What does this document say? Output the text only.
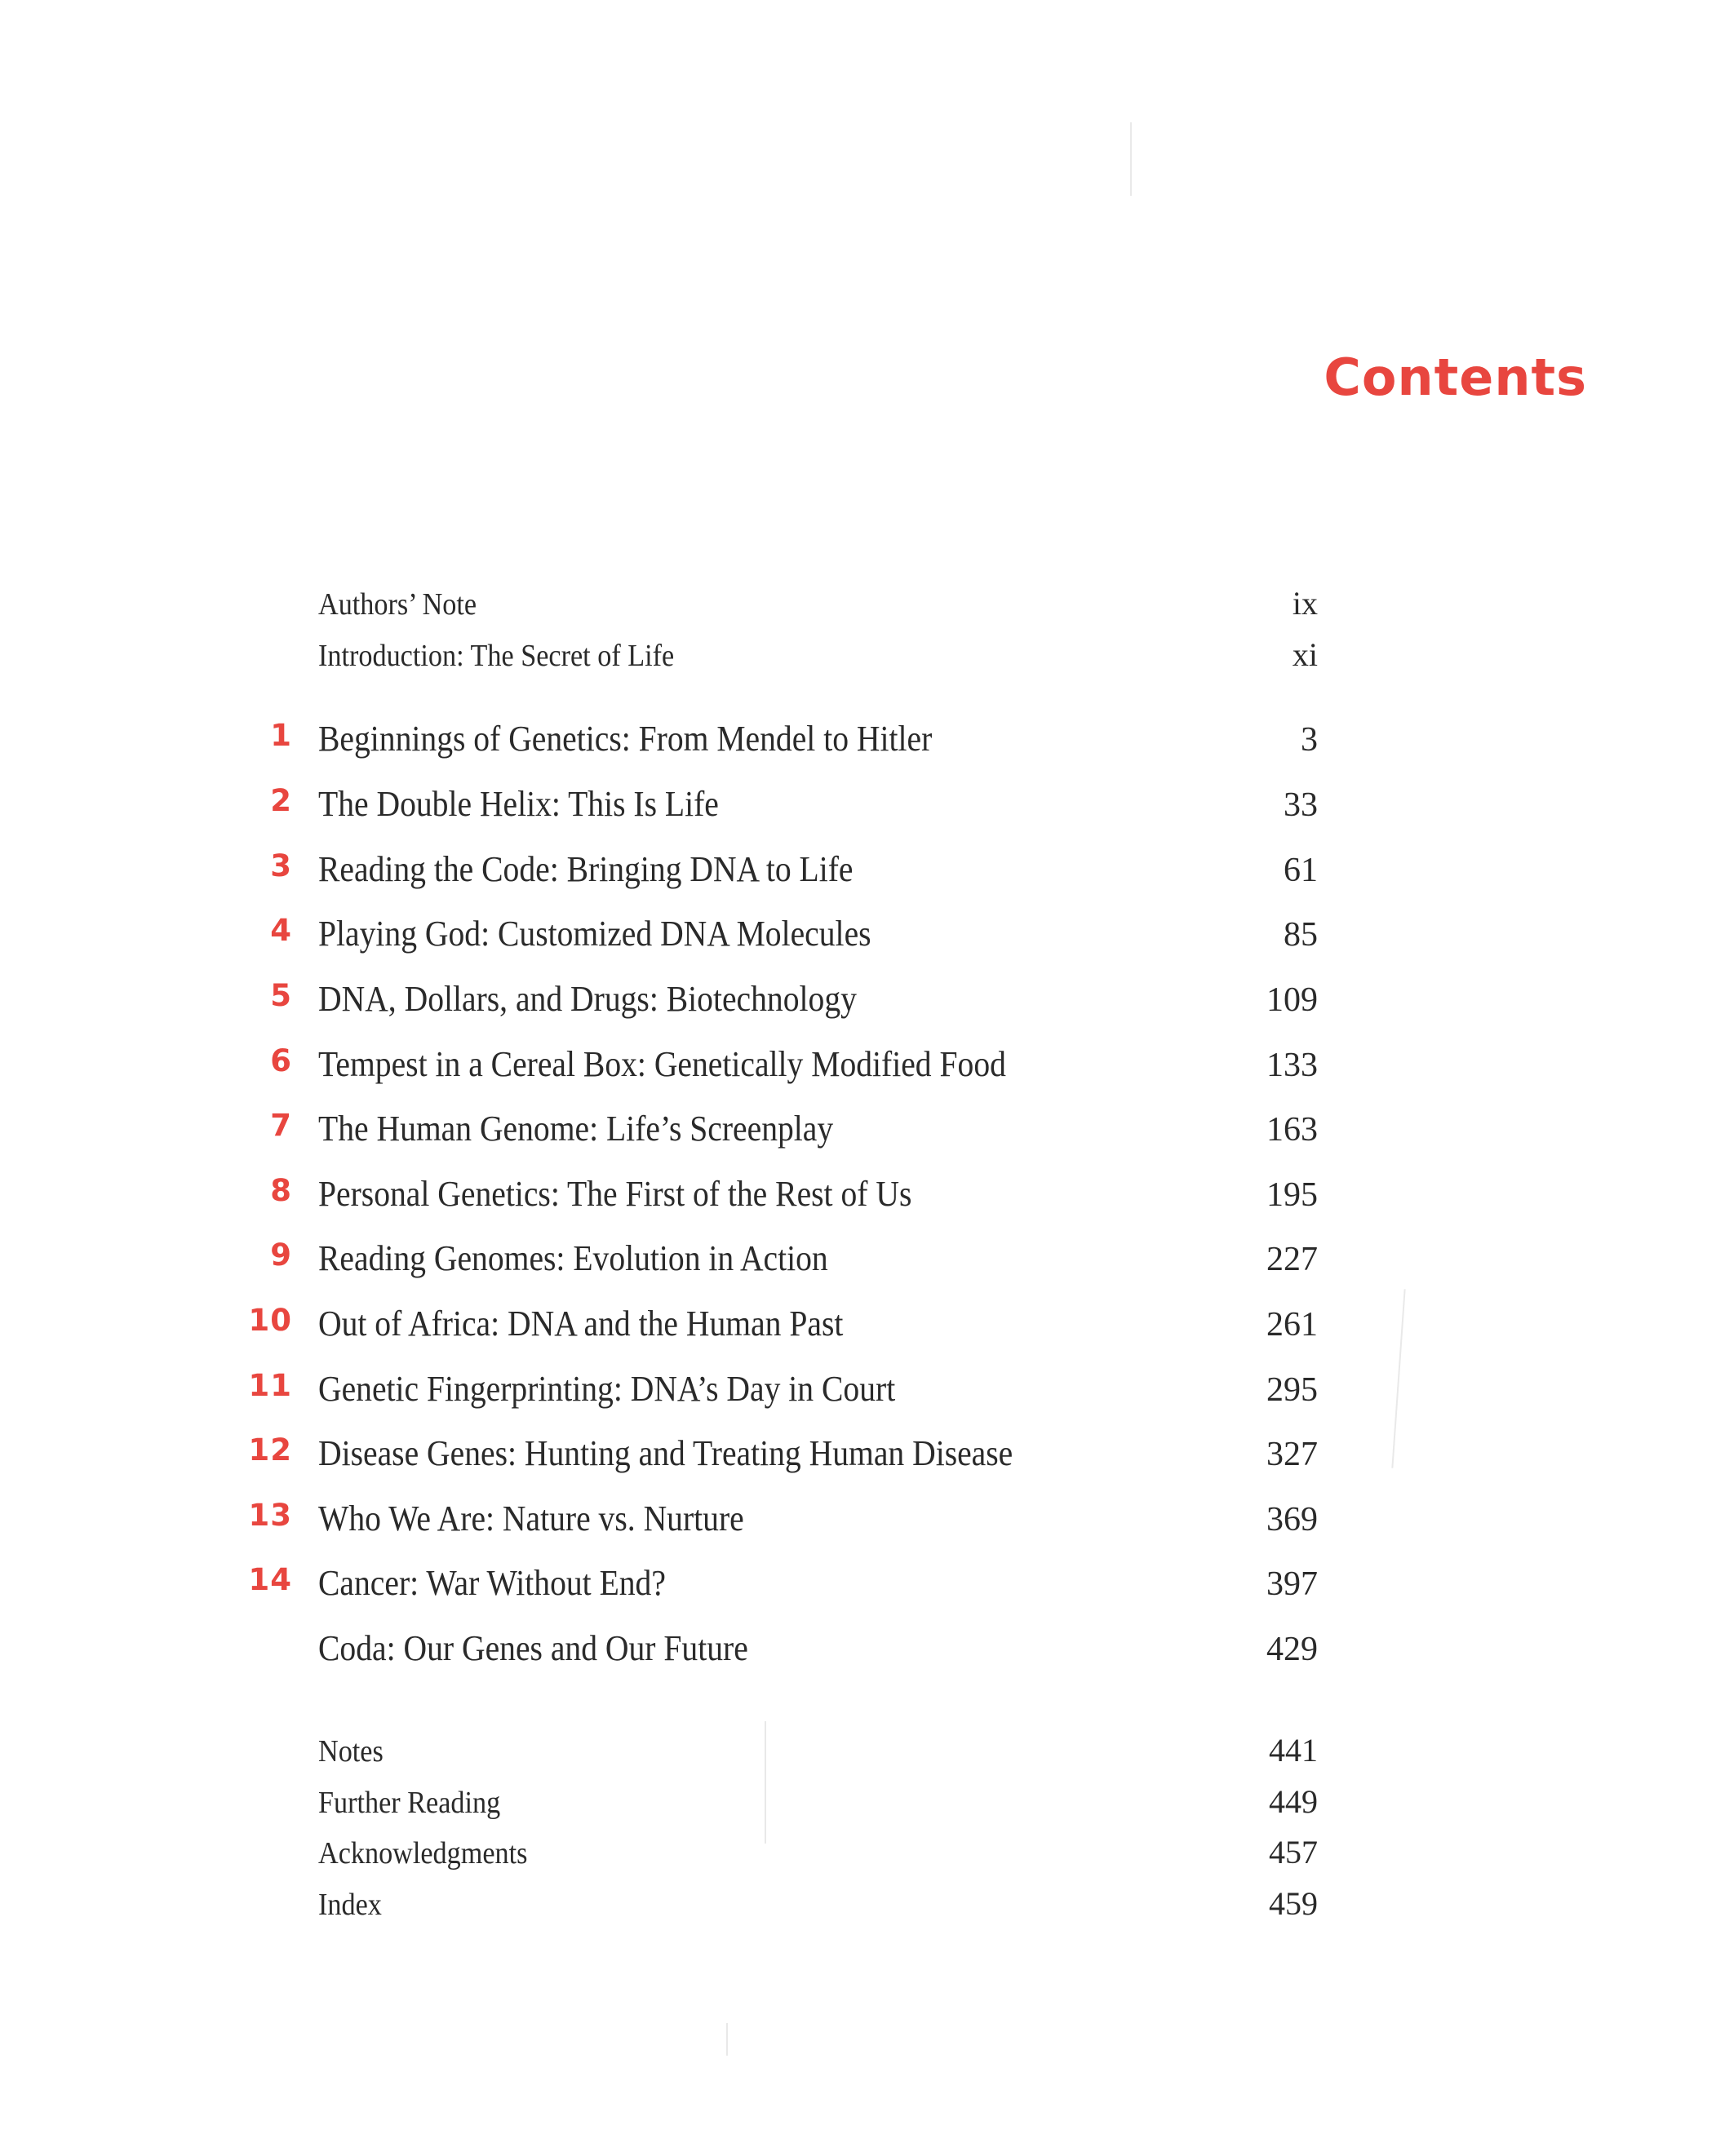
Contents
Authors’ Note	ix
Introduction: The Secret of Life	xi
1 Beginnings of Genetics: From Mendel to Hitler	3
2 The Double Helix: This Is Life	33
3 Reading the Code: Bringing DNA to Life	61
4 Playing God: Customized DNA Molecules	85
5 DNA, Dollars, and Drugs: Biotechnology	109
6 Tempest in a Cereal Box: Genetically Modified Food	133
7 The Human Genome: Life’s Screenplay	163
8 Personal Genetics: The First of the Rest of Us	195
9 Reading Genomes: Evolution in Action	227
10 Out of Africa: DNA and the Human Past	261
11 Genetic Fingerprinting: DNA’s Day in Court	295
12 Disease Genes: Hunting and Treating Human Disease	327
13 Who We Are: Nature vs. Nurture	369
14 Cancer: War Without End?	397
Coda: Our Genes and Our Future	429
Notes	441
Further Reading	449
Acknowledgments	457
Index	459
